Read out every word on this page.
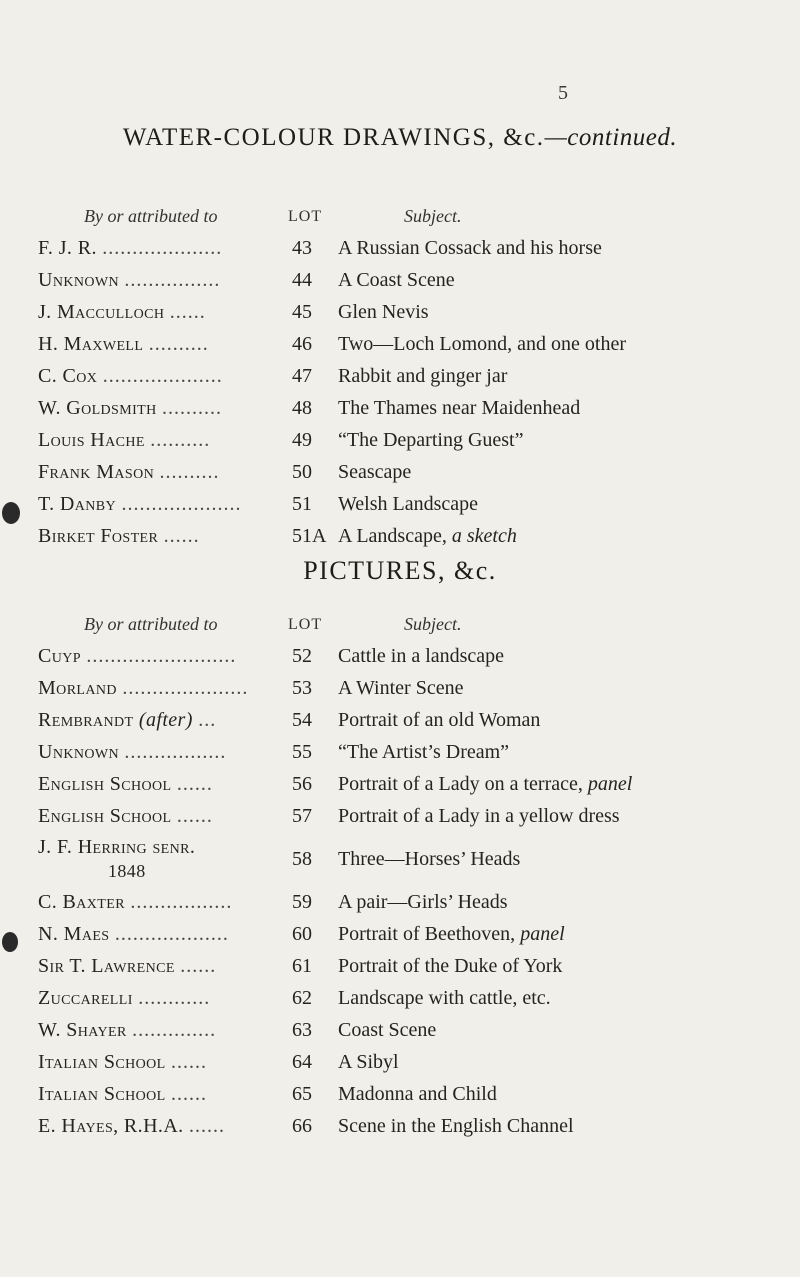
5
WATER-COLOUR DRAWINGS, &c.—continued.
By or attributed to	LOT	Subject.
F. J. R. ....................	43	A Russian Cossack and his horse
Unknown ................	44	A Coast Scene
J. Maccullocн ......	45	Glen Nevis
H. Maxwell ..........	46	Two—Loch Lomond, and one other
C. Cox ....................	47	Rabbit and ginger jar
W. Goldsmith ..........	48	The Thames near Maidenhead
Louis Hache ..........	49	“The Departing Guest”
Frank Mason ..........	50	Seascape
T. Danby ....................	51	Welsh Landscape
Birket Foster ......	51A	A Landscape, a sketch
PICTURES, &c.
By or attributed to	LOT	Subject.
Cuyp .........................	52	Cattle in a landscape
Morland .....................	53	A Winter Scene
Rembrandt (after) ...	54	Portrait of an old Woman
Unknown .................	55	“The Artist’s Dream”
English School ......	56	Portrait of a Lady on a terrace, panel
English School ......	57	Portrait of a Lady in a yellow dress
J. F. Herring senr.
1848	58	Three—Horses’ Heads
C. Baxter .................	59	A pair—Girls’ Heads
N. Maes ...................	60	Portrait of Beethoven, panel
Sir T. Lawrence ......	61	Portrait of the Duke of York
Zuccarelli ............	62	Landscape with cattle, etc.
W. Shayer ..............	63	Coast Scene
Italian School ......	64	A Sibyl
Italian School ......	65	Madonna and Child
E. Hayes, R.H.A. ......	66	Scene in the English Channel
